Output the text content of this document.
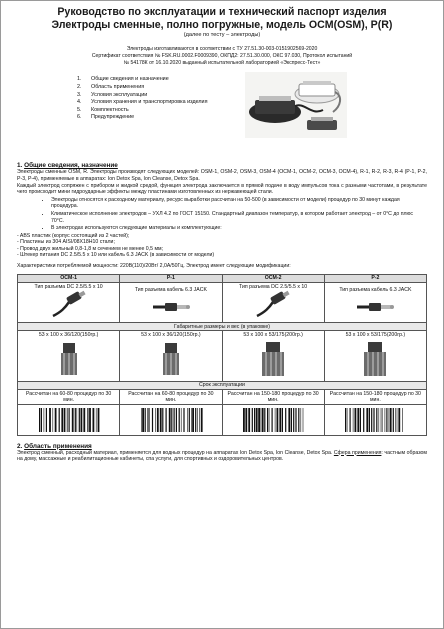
Руководство по эксплуатации и технический паспорт изделия
Электроды сменные, полно погружные, модель OCM(OSM), P(R)
(далее по тесту – электроды)
Электроды изготавливаются в соответствии с ТУ 27.51.30-003-0151902569-2020
Сертификат соответствия № FSK.RU.0002.F0009390, ОКПД2: 27.51.30.000, ОКС 97.030, Протокол испытаний
№ 54178К от 16.10.2020 выданный испытательной лабораторией «Экспресс-Тест»
1.	Общие сведения и назначение
2.	Область применения
3.	Условия эксплуатации
4.	Условия хранения и транспортировка изделия
5.	Комплектность
6.	Предупреждение
1. Общие сведения, назначение
Электроды сменные OSM, R. Электроды производят следующих моделей: OSM-1, OSM-2, OSM-3, OSM-4 (OCM-1, OCM-2, OCM-3, OCM-4), R-1, R-2, R-3, R-4 (P-1, P-2, P-3, P-4), применяемые в аппаратах: Ion Detox Spa, Ion Cleanse, Detox Spa.
Каждый электрод сопряжен с прибором и жидкой средой, функция электрода заключается в прямой подаче в воду импульсов тока с разными частотами, в результате чего происходит мини гидроударные эффекты между пластинами изготовленных из нержавеющей стали.
• Электроды относятся к расходному материалу, ресурс выработки рассчитан на 50-500 (в зависимости от модели) процедур по 30 минут каждая процедура.
• Климатическое исполнение электродов – УХЛ 4.2 по ГОСТ 15150. Стандартный диапазон температур, в котором работает электрод – от 0°С до плюс 70°С.
• В электродах используются следующие материалы и комплектующие:
- ABS пластик (корпус состоящий из 2 частей);
- Пластины из 304 AISI/08Х18Н10 стали;
- Провод двух жильный 0,8-1,8 м сечением не менее 0,5 мм;
- Штекер питания DC 2.5/5.5 x 10 или кабель 6.3 JACK (в зависимости от модели)
Характеристики потребляемой мощности: 220В(110)/20Вт/ 2,0А/50Гц. Электрод имеет следующие модификации:
OCM-1	P-1	OCM-2	P-2

Тип разъема DC 2.5/5.5 x 10	Тип разъема кабель 6.3 JACK	Тип разъема DC 2.5/5.5 x 10	Тип разъема кабель 6.3 JACK

Габаритные размеры и вес (в упаковке)			

53 x 100 x 36/120(150гр.)	53 x 100 x 36/120(150гр.)	53 x 100 x 53/175(200гр.)	53 x 100 x 53/175(200гр.)

Срок эксплуатации			
Рассчитан на 60-80 процедур по 30 мин.	Рассчитан на 60-80 процедур по 30 мин.	Рассчитан на 150-180 процедур по 30 мин.	Рассчитан на 150-180 процедур по 30 мин.

2. Область применения
Электрод сменный, расходный материал, применяется для водных процедур на аппаратах Ion Detox Spa, Ion Cleanse, Detox Spa. Сфера применения: частным образом на дому, массажные и реабилитационные кабинеты, спа услуги, для спортивных и оздоровительных центров.
